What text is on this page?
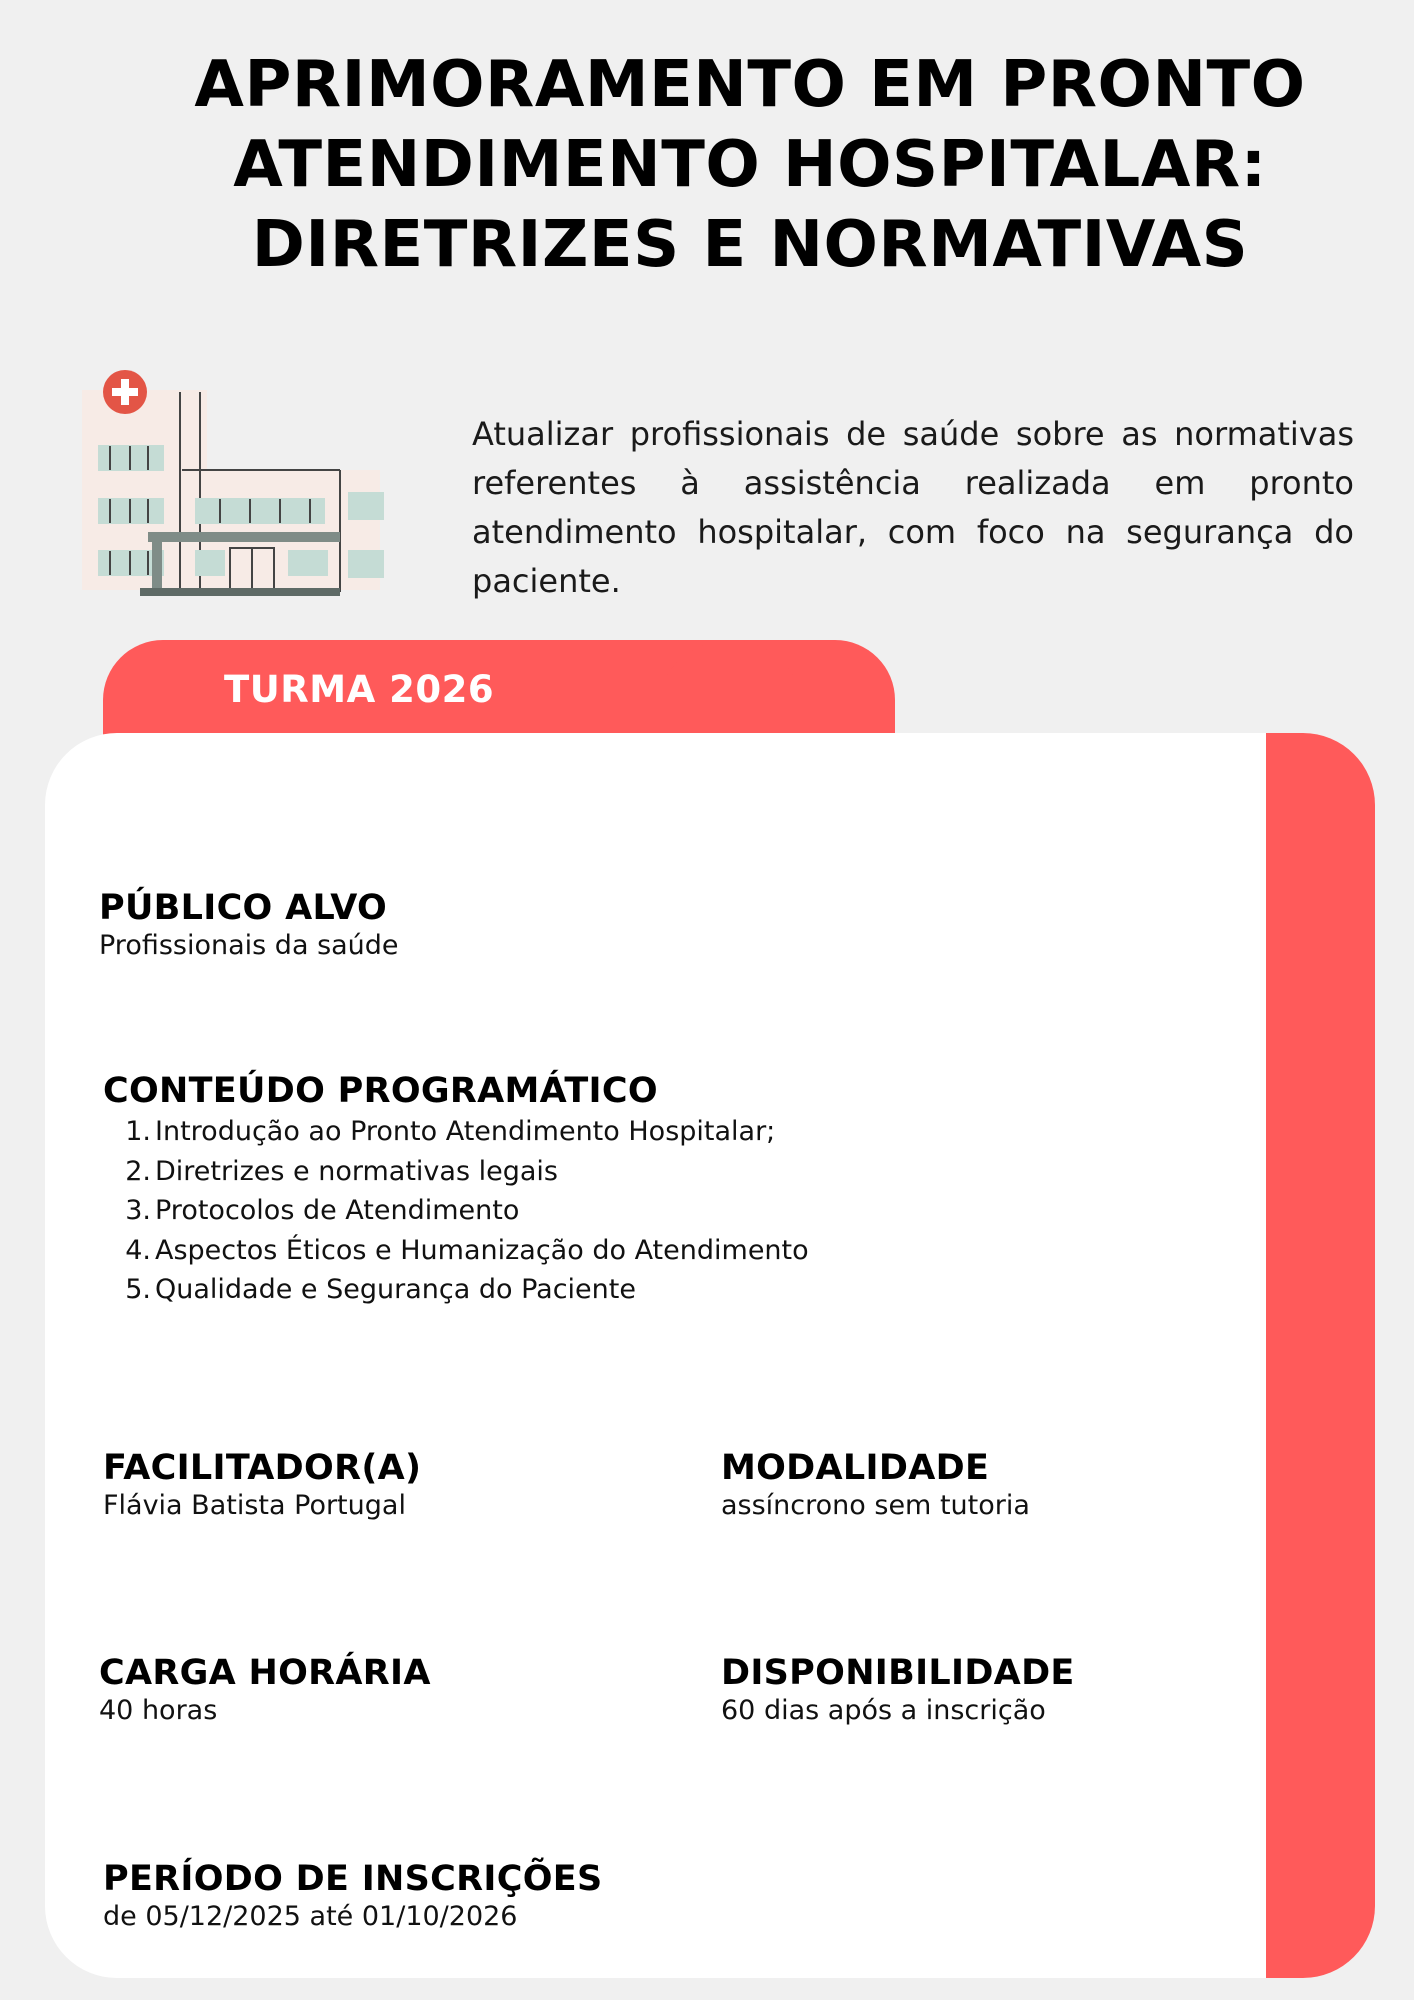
APRIMORAMENTO EM PRONTO
ATENDIMENTO HOSPITALAR:
DIRETRIZES E NORMATIVAS

Atualizar profissionais de saúde sobre as normativas referentes à assistência realizada em pronto atendimento hospitalar, com foco na segurança do paciente.

TURMA 2026

PÚBLICO ALVO

Profissionais da saúde

CONTEÚDO PROGRAMÁTICO

1. Introdução ao Pronto Atendimento Hospitalar;
2. Diretrizes e normativas legais
3. Protocolos de Atendimento
4. Aspectos Éticos e Humanização do Atendimento
5. Qualidade e Segurança do Paciente

FACILITADOR(A)

Flávia Batista Portugal

MODALIDADE

assíncrono sem tutoria

CARGA HORÁRIA

40 horas

DISPONIBILIDADE

60 dias após a inscrição

PERÍODO DE INSCRIÇÕES

de 05/12/2025 até 01/10/2026
